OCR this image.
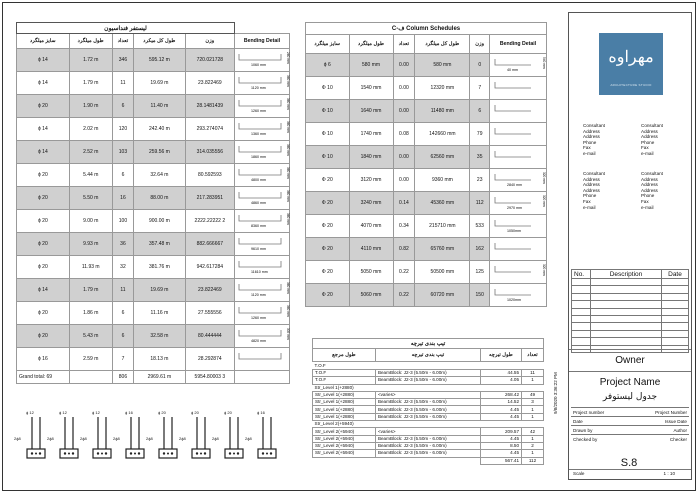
لیستفر فنداسیون					
سایز میلگرد	طول میلگرد	تعداد	طول کل میکرد	وزن	Bending Detail
ϕ 14	1.72 m	346	595.12 m	720.021728	1060 mm
260 mm

ϕ 14	1.79 m	11	19.69 m	23.822469	1120 mm
360 mm

ϕ 20	1.90 m	6	11.40 m	28.1481439	1260 mm
360 mm

ϕ 14	2.02 m	120	242.40 m	293.274074	1360 mm
360 mm

ϕ 14	2.52 m	103	259.56 m	314.035556	1860 mm
360 mm

ϕ 20	5.44 m	6	32.64 m	80.592593	4800 mm
360 mm

ϕ 20	5.50 m	16	88.00 m	217.283951	4860 mm
360 mm

ϕ 20	9.00 m	100	900.00 m	2222.22222 2	8360 mm
360 mm

ϕ 20	9.93 m	36	357.48 m	882.666667	9610 mm

ϕ 20	11.93 m	32	381.76 m	942.617284	11610 mm

ϕ 14	1.79 m	11	19.69 m	23.822469	1120 mm
360 mm

ϕ 20	1.86 m	6	11.16 m	27.555556	1260 mm
360 mm

ϕ 20	5.43 m	6	32.58 m	80.444444	4820 mm
305 mm

ϕ 16	2.59 m	7	18.13 m	28.292874	
Grand total: 69		806	2969.61 m	5954.80003 3	
C-ف Column Schedules					
سایز میلگرد	طول میلگرد	تعداد	طول کل میلگرد	وزن	Bending Detail
ϕ 6	580 mm	0.00	580 mm	0	40 mm
540 mm

Φ 10	1540 mm	0.00	12320 mm	7	
Φ 10	1640 mm	0.00	11480 mm	6	
Φ 10	1740 mm	0.08	142660 mm	79	
Φ 10	1840 mm	0.00	62560 mm	35	
Φ 20	3120 mm	0.00	9360 mm	23	2840 mm
320 mm

Φ 20	3240 mm	0.14	45360 mm	112	2970 mm
320 mm

Φ 20	4070 mm	0.34	215710 mm	533	1050mm

Φ 20	4110 mm	0.82	65760 mm	162	
Φ 20	5050 mm	0.22	50500 mm	125	320 mm

Φ 20	5060 mm	0.22	60720 mm	150	1020mm
تیپ بندی تیرچه			
طول مرجع	تیپ بندی تیرچه	طول تیرچه	تعداد
T.O.F			
T.O.F	BeamBlock: J2-3 (5.50m - 6.00m)	44.55	11
T.O.F	BeamBlock: J2-3 (5.50m - 6.00m)	4.05	1
Str_Level 1(+2880)			
Str_Level 1(+2880)	<varies>	268.42	49
Str_Level 1(+2880)	BeamBlock: J2-3 (5.50m - 6.00m)	14.52	3
Str_Level 1(+2880)	BeamBlock: J2-3 (5.50m - 6.00m)	4.45	1
Str_Level 1(+2880)	BeamBlock: J2-3 (5.50m - 6.00m)	4.45	1
Str_Level 2(+5940)			
Str_Level 2(+5940)	<varies>	209.57	42
Str_Level 2(+5940)	BeamBlock: J2-3 (5.50m - 6.00m)	4.45	1
Str_Level 2(+5940)	BeamBlock: J2-3 (5.50m - 6.00m)	8.50	2
Str_Level 2(+5940)	BeamBlock: J2-3 (5.50m - 6.00m)	4.45	1
		567.41	112
ϕ 12
2ϕ8
ϕ 12
2ϕ8
ϕ 12
2ϕ8
ϕ 16
2ϕ8
ϕ 20
2ϕ8
ϕ 20
2ϕ8
ϕ 20
2ϕ8
ϕ 16
2ϕ8
9/8/2020 3:36:22 PM
مهراوه
ARCHITECTURE STUDIO
Consultant
Address
Address
Phone
Fax
e-mail
Consultant
Address
Address
Phone
Fax
e-mail
Consultant
Address
Address
Address
Phone
Fax
e-mail
Consultant
Address
Address
Address
Phone
Fax
e-mail
No.	Description	Date

Owner
Project Name
جدول لیستوفر
Project number	Project Number
Date	Issue Date
Drawn by	Author
Checked by	Checker
S.8
Scale	1 : 10
